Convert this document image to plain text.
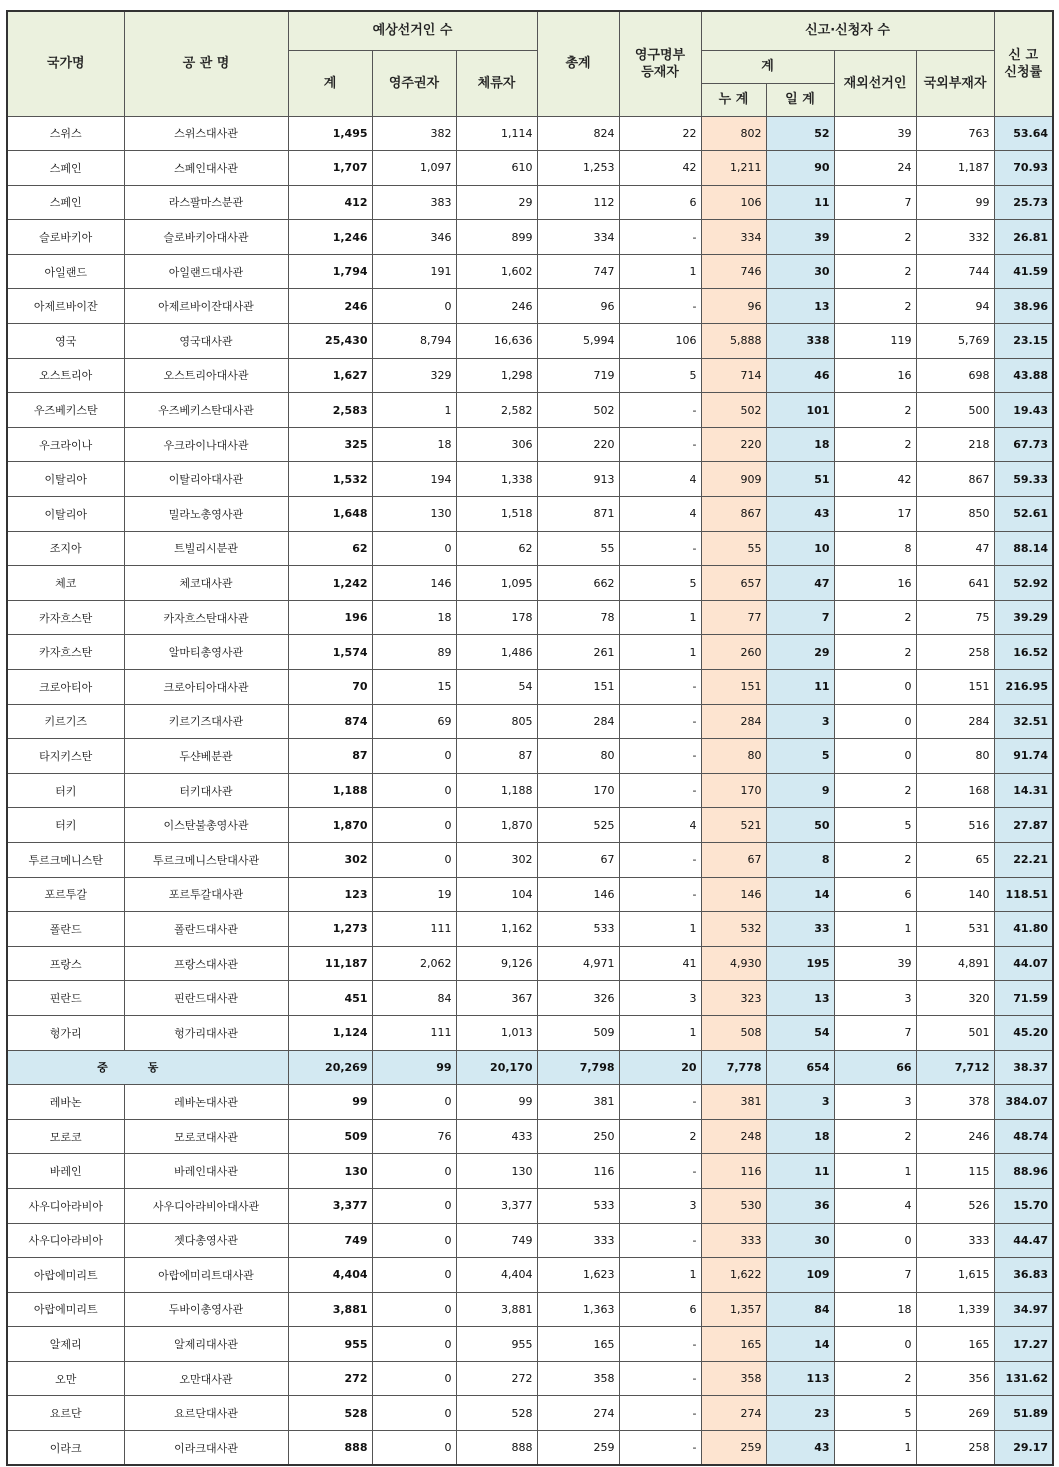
국가명	공 관 명	예상선거인 수			총계	영구명부
등재자	신고·신청자 수				신 고
신청률
		계	영주권자	체류자			계		재외선거인	국외부재자	
							누 계	일 계			
스위스	스위스대사관	1,495	382	1,114	824	22	802	52	39	763	53.64
스페인	스페인대사관	1,707	1,097	610	1,253	42	1,211	90	24	1,187	70.93
스페인	라스팔마스분관	412	383	29	112	6	106	11	7	99	25.73
슬로바키아	슬로바키아대사관	1,246	346	899	334	-	334	39	2	332	26.81
아일랜드	아일랜드대사관	1,794	191	1,602	747	1	746	30	2	744	41.59
아제르바이잔	아제르바이잔대사관	246	0	246	96	-	96	13	2	94	38.96
영국	영국대사관	25,430	8,794	16,636	5,994	106	5,888	338	119	5,769	23.15
오스트리아	오스트리아대사관	1,627	329	1,298	719	5	714	46	16	698	43.88
우즈베키스탄	우즈베키스탄대사관	2,583	1	2,582	502	-	502	101	2	500	19.43
우크라이나	우크라이나대사관	325	18	306	220	-	220	18	2	218	67.73
이탈리아	이탈리아대사관	1,532	194	1,338	913	4	909	51	42	867	59.33
이탈리아	밀라노총영사관	1,648	130	1,518	871	4	867	43	17	850	52.61
조지아	트빌리시분관	62	0	62	55	-	55	10	8	47	88.14
체코	체코대사관	1,242	146	1,095	662	5	657	47	16	641	52.92
카자흐스탄	카자흐스탄대사관	196	18	178	78	1	77	7	2	75	39.29
카자흐스탄	알마티총영사관	1,574	89	1,486	261	1	260	29	2	258	16.52
크로아티아	크로아티아대사관	70	15	54	151	-	151	11	0	151	216.95
키르기즈	키르기즈대사관	874	69	805	284	-	284	3	0	284	32.51
타지키스탄	두샨베분관	87	0	87	80	-	80	5	0	80	91.74
터키	터키대사관	1,188	0	1,188	170	-	170	9	2	168	14.31
터키	이스탄불총영사관	1,870	0	1,870	525	4	521	50	5	516	27.87
투르크메니스탄	투르크메니스탄대사관	302	0	302	67	-	67	8	2	65	22.21
포르투갈	포르투갈대사관	123	19	104	146	-	146	14	6	140	118.51
폴란드	폴란드대사관	1,273	111	1,162	533	1	532	33	1	531	41.80
프랑스	프랑스대사관	11,187	2,062	9,126	4,971	41	4,930	195	39	4,891	44.07
핀란드	핀란드대사관	451	84	367	326	3	323	13	3	320	71.59
헝가리	헝가리대사관	1,124	111	1,013	509	1	508	54	7	501	45.20
중동		20,269	99	20,170	7,798	20	7,778	654	66	7,712	38.37
레바논	레바논대사관	99	0	99	381	-	381	3	3	378	384.07
모로코	모로코대사관	509	76	433	250	2	248	18	2	246	48.74
바레인	바레인대사관	130	0	130	116	-	116	11	1	115	88.96
사우디아라비아	사우디아라비아대사관	3,377	0	3,377	533	3	530	36	4	526	15.70
사우디아라비아	젯다총영사관	749	0	749	333	-	333	30	0	333	44.47
아랍에미리트	아랍에미리트대사관	4,404	0	4,404	1,623	1	1,622	109	7	1,615	36.83
아랍에미리트	두바이총영사관	3,881	0	3,881	1,363	6	1,357	84	18	1,339	34.97
알제리	알제리대사관	955	0	955	165	-	165	14	0	165	17.27
오만	오만대사관	272	0	272	358	-	358	113	2	356	131.62
요르단	요르단대사관	528	0	528	274	-	274	23	5	269	51.89
이라크	이라크대사관	888	0	888	259	-	259	43	1	258	29.17
